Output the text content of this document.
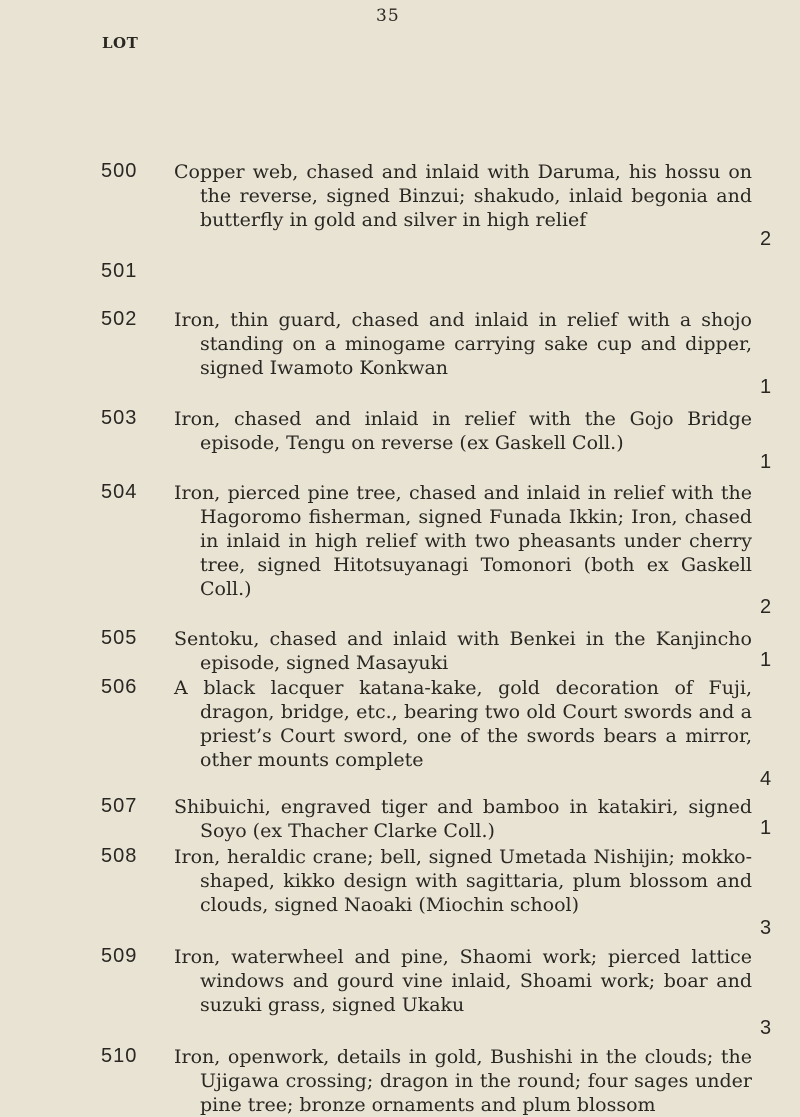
35
LOT
500 Copper web, chased and inlaid with Daruma, his hossu on the reverse, signed Binzui; shakudo, inlaid begonia and butterfly in gold and silver in high relief

2
501

502 Iron, thin guard, chased and inlaid in relief with a shojo standing on a minogame carrying sake cup and dipper, signed Iwamoto Konkwan

1
503 Iron, chased and inlaid in relief with the Gojo Bridge episode, Tengu on reverse (ex Gaskell Coll.)

1
504 Iron, pierced pine tree, chased and inlaid in relief with the Hagoromo fisherman, signed Funada Ikkin; Iron, chased in inlaid in high relief with two pheasants under cherry tree, signed Hitotsuyanagi Tomonori (both ex Gaskell Coll.)

2
505 Sentoku, chased and inlaid with Benkei in the Kanjincho episode, signed Masayuki	1
506 A black lacquer katana-kake, gold decoration of Fuji, dragon, bridge, etc., bearing two old Court swords and a priest’s Court sword, one of the swords bears a mirror, other mounts complete

4
507 Shibuichi, engraved tiger and bamboo in katakiri, signed Soyo (ex Thacher Clarke Coll.)	1
508 Iron, heraldic crane; bell, signed Umetada Nishijin; mokko-shaped, kikko design with sagittaria, plum blossom and clouds, signed Naoaki (Miochin school)

3
509 Iron, waterwheel and pine, Shaomi work; pierced lattice windows and gourd vine inlaid, Shoami work; boar and suzuki grass, signed Ukaku

3
510 Iron, openwork, details in gold, Bushishi in the clouds; the Ujigawa crossing; dragon in the round; four sages under pine tree; bronze ornaments and plum blossom
